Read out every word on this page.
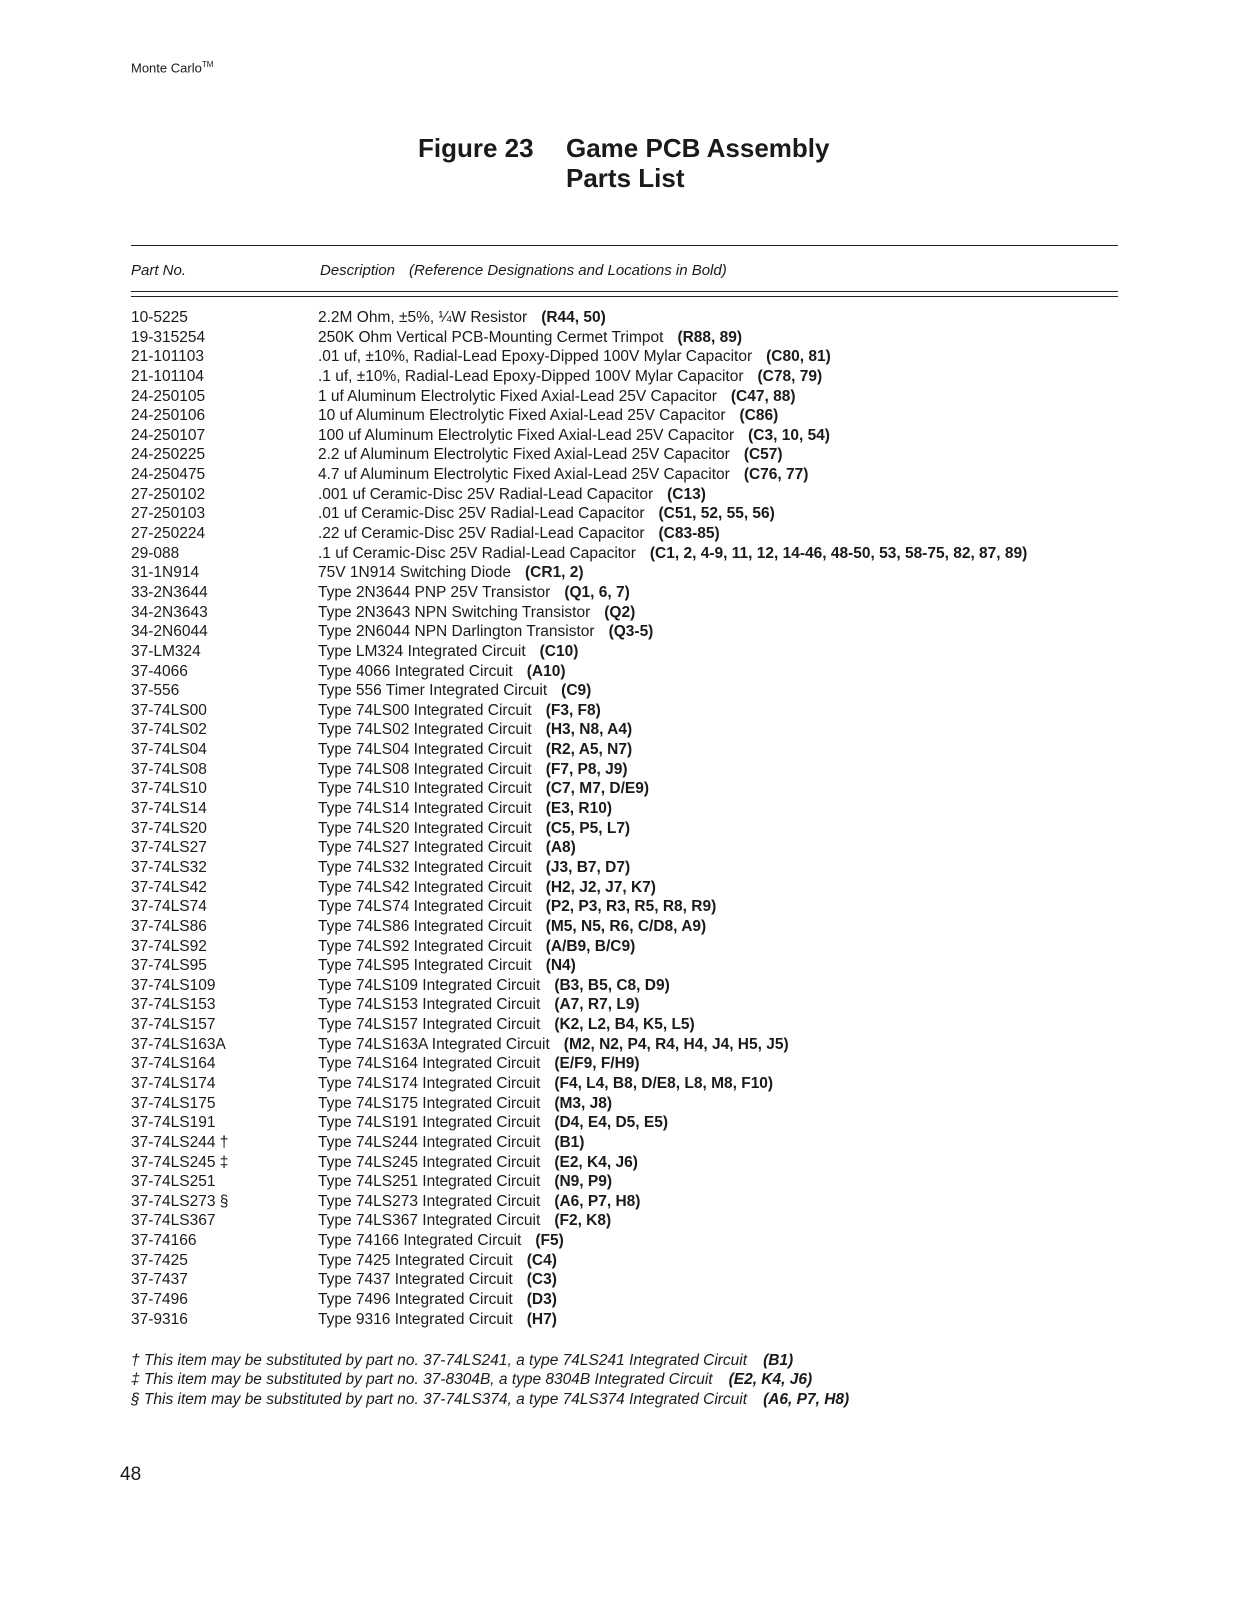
Monte Carlo™
Figure 23 Game PCB Assembly
Parts List
Part No.	Description (Reference Designations and Locations in Bold)
10-5225	2.2M Ohm, ±5%, ¼W Resistor (R44, 50)
19-315254	250K Ohm Vertical PCB-Mounting Cermet Trimpot (R88, 89)
21-101103	.01 uf, ±10%, Radial-Lead Epoxy-Dipped 100V Mylar Capacitor (C80, 81)
21-101104	.1 uf, ±10%, Radial-Lead Epoxy-Dipped 100V Mylar Capacitor (C78, 79)
24-250105	1 uf Aluminum Electrolytic Fixed Axial-Lead 25V Capacitor (C47, 88)
24-250106	10 uf Aluminum Electrolytic Fixed Axial-Lead 25V Capacitor (C86)
24-250107	100 uf Aluminum Electrolytic Fixed Axial-Lead 25V Capacitor (C3, 10, 54)
24-250225	2.2 uf Aluminum Electrolytic Fixed Axial-Lead 25V Capacitor (C57)
24-250475	4.7 uf Aluminum Electrolytic Fixed Axial-Lead 25V Capacitor (C76, 77)
27-250102	.001 uf Ceramic-Disc 25V Radial-Lead Capacitor (C13)
27-250103	.01 uf Ceramic-Disc 25V Radial-Lead Capacitor (C51, 52, 55, 56)
27-250224	.22 uf Ceramic-Disc 25V Radial-Lead Capacitor (C83-85)
29-088	.1 uf Ceramic-Disc 25V Radial-Lead Capacitor (C1, 2, 4-9, 11, 12, 14-46, 48-50, 53, 58-75, 82, 87, 89)
31-1N914	75V 1N914 Switching Diode (CR1, 2)
33-2N3644	Type 2N3644 PNP 25V Transistor (Q1, 6, 7)
34-2N3643	Type 2N3643 NPN Switching Transistor (Q2)
34-2N6044	Type 2N6044 NPN Darlington Transistor (Q3-5)
37-LM324	Type LM324 Integrated Circuit (C10)
37-4066	Type 4066 Integrated Circuit (A10)
37-556	Type 556 Timer Integrated Circuit (C9)
37-74LS00	Type 74LS00 Integrated Circuit (F3, F8)
37-74LS02	Type 74LS02 Integrated Circuit (H3, N8, A4)
37-74LS04	Type 74LS04 Integrated Circuit (R2, A5, N7)
37-74LS08	Type 74LS08 Integrated Circuit (F7, P8, J9)
37-74LS10	Type 74LS10 Integrated Circuit (C7, M7, D/E9)
37-74LS14	Type 74LS14 Integrated Circuit (E3, R10)
37-74LS20	Type 74LS20 Integrated Circuit (C5, P5, L7)
37-74LS27	Type 74LS27 Integrated Circuit (A8)
37-74LS32	Type 74LS32 Integrated Circuit (J3, B7, D7)
37-74LS42	Type 74LS42 Integrated Circuit (H2, J2, J7, K7)
37-74LS74	Type 74LS74 Integrated Circuit (P2, P3, R3, R5, R8, R9)
37-74LS86	Type 74LS86 Integrated Circuit (M5, N5, R6, C/D8, A9)
37-74LS92	Type 74LS92 Integrated Circuit (A/B9, B/C9)
37-74LS95	Type 74LS95 Integrated Circuit (N4)
37-74LS109	Type 74LS109 Integrated Circuit (B3, B5, C8, D9)
37-74LS153	Type 74LS153 Integrated Circuit (A7, R7, L9)
37-74LS157	Type 74LS157 Integrated Circuit (K2, L2, B4, K5, L5)
37-74LS163A	Type 74LS163A Integrated Circuit (M2, N2, P4, R4, H4, J4, H5, J5)
37-74LS164	Type 74LS164 Integrated Circuit (E/F9, F/H9)
37-74LS174	Type 74LS174 Integrated Circuit (F4, L4, B8, D/E8, L8, M8, F10)
37-74LS175	Type 74LS175 Integrated Circuit (M3, J8)
37-74LS191	Type 74LS191 Integrated Circuit (D4, E4, D5, E5)
37-74LS244 †	Type 74LS244 Integrated Circuit (B1)
37-74LS245 ‡	Type 74LS245 Integrated Circuit (E2, K4, J6)
37-74LS251	Type 74LS251 Integrated Circuit (N9, P9)
37-74LS273 §	Type 74LS273 Integrated Circuit (A6, P7, H8)
37-74LS367	Type 74LS367 Integrated Circuit (F2, K8)
37-74166	Type 74166 Integrated Circuit (F5)
37-7425	Type 7425 Integrated Circuit (C4)
37-7437	Type 7437 Integrated Circuit (C3)
37-7496	Type 7496 Integrated Circuit (D3)
37-9316	Type 9316 Integrated Circuit (H7)
† This item may be substituted by part no. 37-74LS241, a type 74LS241 Integrated Circuit (B1)
‡ This item may be substituted by part no. 37-8304B, a type 8304B Integrated Circuit (E2, K4, J6)
§ This item may be substituted by part no. 37-74LS374, a type 74LS374 Integrated Circuit (A6, P7, H8)
48
